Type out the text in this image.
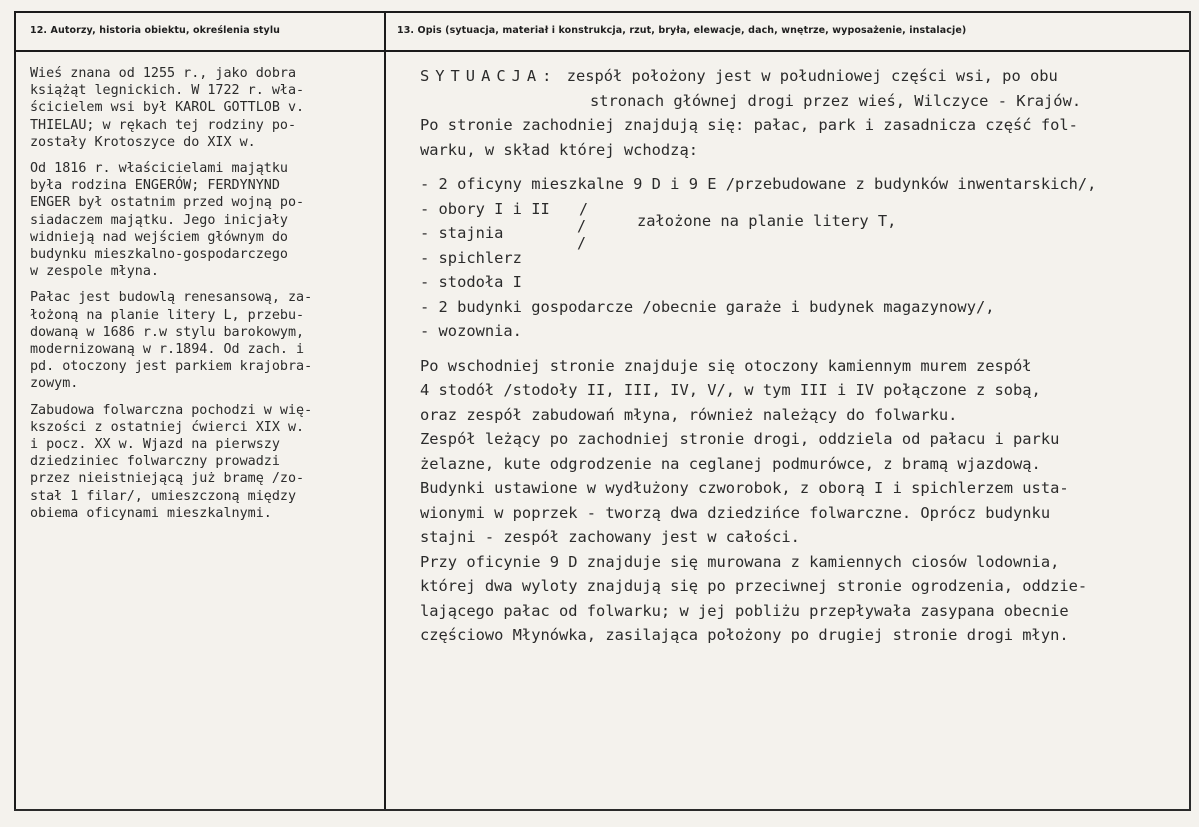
12. Autorzy, historia obiektu, określenia stylu	13. Opis (sytuacja, materiał i konstrukcja, rzut, bryła, elewacje, dach, wnętrze, wyposażenie, instalacje)
Wieś znana od 1255 r., jako dobra
książąt legnickich. W 1722 r. wła-
ścicielem wsi był KAROL GOTTLOB v.
THIELAU; w rękach tej rodziny po-
zostały Krotoszyce do XIX w.
Od 1816 r. właścicielami majątku
była rodzina ENGERÓW; FERDYNYND
ENGER był ostatnim przed wojną po-
siadaczem majątku. Jego inicjały
widnieją nad wejściem głównym do
budynku mieszkalno-gospodarczego
w zespole młyna.
Pałac jest budowlą renesansową, za-
łożoną na planie litery L, przebu-
dowaną w 1686 r.w stylu barokowym,
modernizowaną w r.1894. Od zach. i
pd. otoczony jest parkiem krajobra-
zowym.
Zabudowa folwarczna pochodzi w wię-
kszości z ostatniej ćwierci XIX w.
i pocz. XX w. Wjazd na pierwszy
dziedziniec folwarczny prowadzi
przez nieistniejącą już bramę /zo-
stał 1 filar/, umieszczoną między
obiema oficynami mieszkalnymi.
SYTUACJA: zespół położony jest w południowej części wsi, po obu
stronach głównej drogi przez wieś, Wilczyce - Krajów.
Po stronie zachodniej znajdują się: pałac, park i zasadnicza część fol-
warku, w skład której wchodzą:
- 2 oficyny mieszkalne 9 D i 9 E /przebudowane z budynków inwentarskich/,
- obory I i II
- stajnia
/
/
/
założone na planie litery T,
- spichlerz
- stodoła I
- 2 budynki gospodarcze /obecnie garaże i budynek magazynowy/,
- wozownia.
Po wschodniej stronie znajduje się otoczony kamiennym murem zespół
4 stodół /stodoły II, III, IV, V/, w tym III i IV połączone z sobą,
oraz zespół zabudowań młyna, również należący do folwarku.
Zespół leżący po zachodniej stronie drogi, oddziela od pałacu i parku
żelazne, kute odgrodzenie na ceglanej podmurówce, z bramą wjazdową.
Budynki ustawione w wydłużony czworobok, z oborą I i spichlerzem usta-
wionymi w poprzek - tworzą dwa dziedzińce folwarczne. Oprócz budynku
stajni - zespół zachowany jest w całości.
Przy oficynie 9 D znajduje się murowana z kamiennych ciosów lodownia,
której dwa wyloty znajdują się po przeciwnej stronie ogrodzenia, oddzie-
lającego pałac od folwarku; w jej pobliżu przepływała zasypana obecnie
częściowo Młynówka, zasilająca położony po drugiej stronie drogi młyn.
